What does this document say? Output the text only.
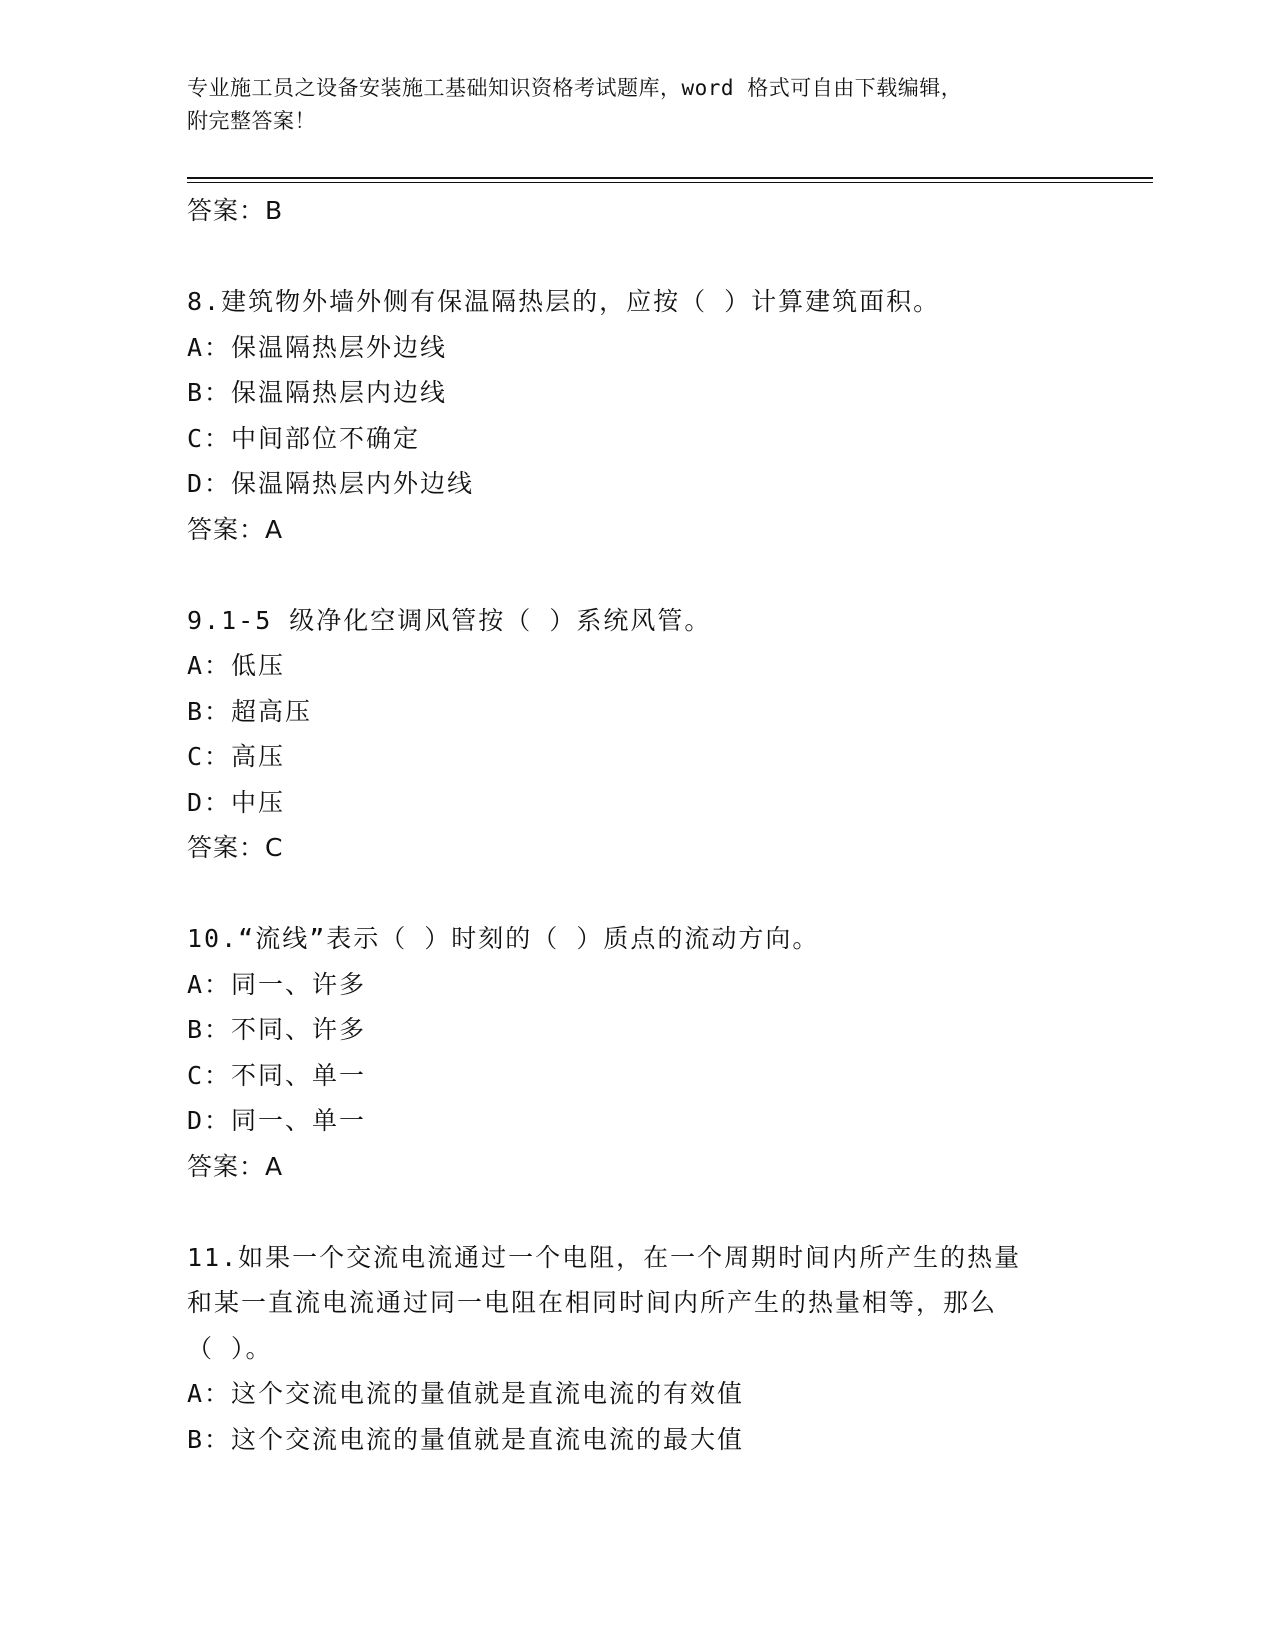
专业施工员之设备安装施工基础知识资格考试题库，word 格式可自由下载编辑，
附完整答案！
答案：B
8.建筑物外墙外侧有保温隔热层的，应按（ ）计算建筑面积。
A：保温隔热层外边线
B：保温隔热层内边线
C：中间部位不确定
D：保温隔热层内外边线
答案：A
9.1-5 级净化空调风管按（ ）系统风管。
A：低压
B：超高压
C：高压
D：中压
答案：C
10.“流线”表示（ ）时刻的（ ）质点的流动方向。
A：同一、许多
B：不同、许多
C：不同、单一
D：同一、单一
答案：A
11.如果一个交流电流通过一个电阻，在一个周期时间内所产生的热量
和某一直流电流通过同一电阻在相同时间内所产生的热量相等，那么
（ ）。
A：这个交流电流的量值就是直流电流的有效值
B：这个交流电流的量值就是直流电流的最大值
